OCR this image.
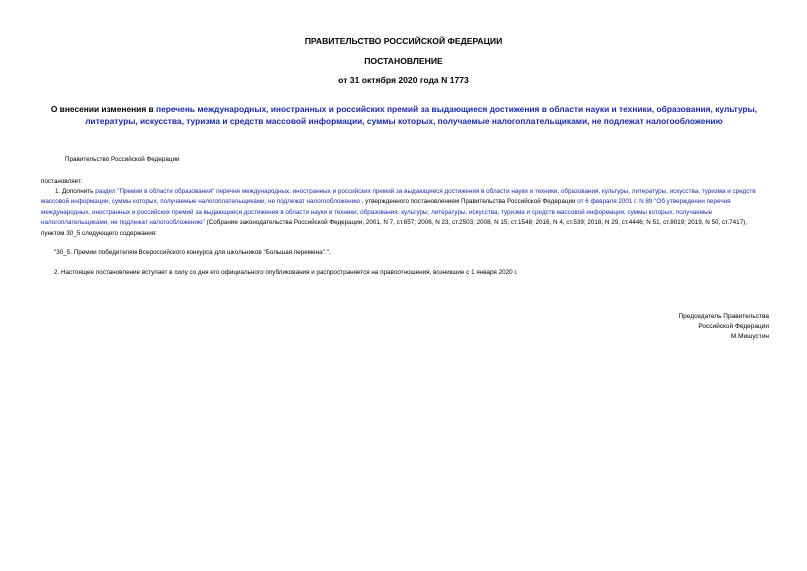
ПРАВИТЕЛЬСТВО РОССИЙСКОЙ ФЕДЕРАЦИИ
ПОСТАНОВЛЕНИЕ
от 31 октября 2020 года N 1773
О внесении изменения в перечень международных, иностранных и российских премий за выдающиеся достижения в области науки и техники, образования, культуры, литературы, искусства, туризма и средств массовой информации, суммы которых, получаемые налогоплательщиками, не подлежат налогообложению
Правительство Российской Федерации
постановляет:
1. Дополнить раздел "Премии в области образования" перечня международных, иностранных и российских премий за выдающиеся достижения в области науки и техники, образования, культуры, литературы, искусства, туризма и средств массовой информации, суммы которых, получаемые налогоплательщиками, не подлежат налогообложению , утвержденного постановлением Правительства Российской Федерации от 6 февраля 2001 г. N 89 "Об утверждении перечня международных, иностранных и российских премий за выдающиеся достижения в области науки и техники, образования, культуры, литературы, искусства, туризма и средств массовой информации, суммы которых, получаемые налогоплательщиками, не подлежат налогообложению" (Собрание законодательства Российской Федерации, 2001, N 7, ст.657; 2006, N 23, ст.2503; 2008, N 15, ст.1548; 2016, N 4, ст.539; 2018, N 29, ст.4446; N 51, ст.8019; 2019, N 50, ст.7417), пунктом 30_5 следующего содержания:
"30_5. Премии победителям Всероссийского конкурса для школьников "Большая перемена".".
2. Настоящее постановление вступает в силу со дня его официального опубликования и распространяется на правоотношения, возникшие с 1 января 2020 г.
Председатель Правительства
Российской Федерации
М.Мишустин
